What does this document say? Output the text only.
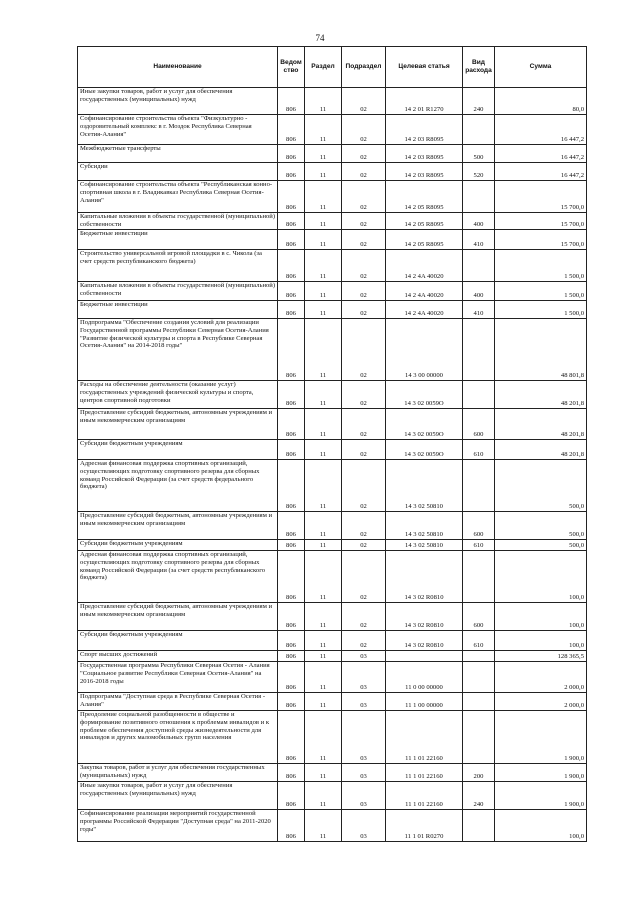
74
Наименование	Ведом ство	Раздел	Подраздел	Целевая статья	Вид расхода	Сумма
Иные закупки товаров, работ и услуг для обеспечения государственных (муниципальных) нужд	806	11	02	14 2 01 R1270	240	80,0
Софинансирование строительства объекта "Физкультурно - оздоровительный комплекс в г. Моздок Республика Северная Осетия-Алания"	806	11	02	14 2 03 R8095		16 447,2
Межбюджетные трансферты	806	11	02	14 2 03 R8095	500	16 447,2
Субсидии	806	11	02	14 2 03 R8095	520	16 447,2
Софинансирование строительства объекта "Республиканская конно-спортивная школа в г. Владикавказ Республика Северная Осетия-Алания"	806	11	02	14 2 05 R8095		15 700,0
Капитальные вложения в объекты государственной (муниципальной) собственности	806	11	02	14 2 05 R8095	400	15 700,0
Бюджетные инвестиции	806	11	02	14 2 05 R8095	410	15 700,0
Строительство универсальной игровой площадки в с. Чикола (за счет средств республиканского бюджета)	806	11	02	14 2 4A 40020		1 500,0
Капитальные вложения в объекты государственной (муниципальной) собственности	806	11	02	14 2 4A 40020	400	1 500,0
Бюджетные инвестиции	806	11	02	14 2 4A 40020	410	1 500,0
Подпрограмма "Обеспечение создания условий для реализации Государственной программы Республики Северная Осетия-Алания "Развитие физической культуры и спорта в Республике Северная Осетия-Алания" на 2014-2018 годы"	806	11	02	14 3 00 00000		48 801,8
Расходы на обеспечение деятельности (оказание услуг) государственных учреждений физической культуры и спорта, центров спортивной подготовки	806	11	02	14 3 02 0059О		48 201,8
Предоставление субсидий бюджетным, автономным учреждениям и иным некоммерческим организациям	806	11	02	14 3 02 0059О	600	48 201,8
Субсидии бюджетным учреждениям	806	11	02	14 3 02 0059О	610	48 201,8
Адресная финансовая поддержка спортивных организаций, осуществляющих подготовку спортивного резерва для сборных команд Российской Федерации (за счет средств федерального бюджета)	806	11	02	14 3 02 50810		500,0
Предоставление субсидий бюджетным, автономным учреждениям и иным некоммерческим организациям	806	11	02	14 3 02 50810	600	500,0
Субсидии бюджетным учреждениям	806	11	02	14 3 02 50810	610	500,0
Адресная финансовая поддержка спортивных организаций, осуществляющих подготовку спортивного резерва для сборных команд Российской Федерации (за счет средств республиканского бюджета)	806	11	02	14 3 02 R0810		100,0
Предоставление субсидий бюджетным, автономным учреждениям и иным некоммерческим организациям	806	11	02	14 3 02 R0810	600	100,0
Субсидии бюджетным учреждениям	806	11	02	14 3 02 R0810	610	100,0
Спорт высших достижений	806	11	03			128 365,5
Государственная программа Республики Северная Осетия - Алания "Социальное развитие Республики Северная Осетия-Алания" на 2016-2018 годы	806	11	03	11 0 00 00000		2 000,0
Подпрограмма "Доступная среда в Республике Северная Осетия - Алания"	806	11	03	11 1 00 00000		2 000,0
Преодоление социальной разобщенности в обществе и формирование позитивного отношения к проблемам инвалидов и к проблеме обеспечения доступной среды жизнедеятельности для инвалидов и других маломобильных групп населения	806	11	03	11 1 01 22160		1 900,0
Закупка товаров, работ и услуг для обеспечения государственных (муниципальных) нужд	806	11	03	11 1 01 22160	200	1 900,0
Иные закупки товаров, работ и услуг для обеспечения государственных (муниципальных) нужд	806	11	03	11 1 01 22160	240	1 900,0
Софинансирование реализации мероприятий государственной программы Российской Федерации "Доступная среда" на 2011-2020 годы"	806	11	03	11 1 01 R0270		100,0
